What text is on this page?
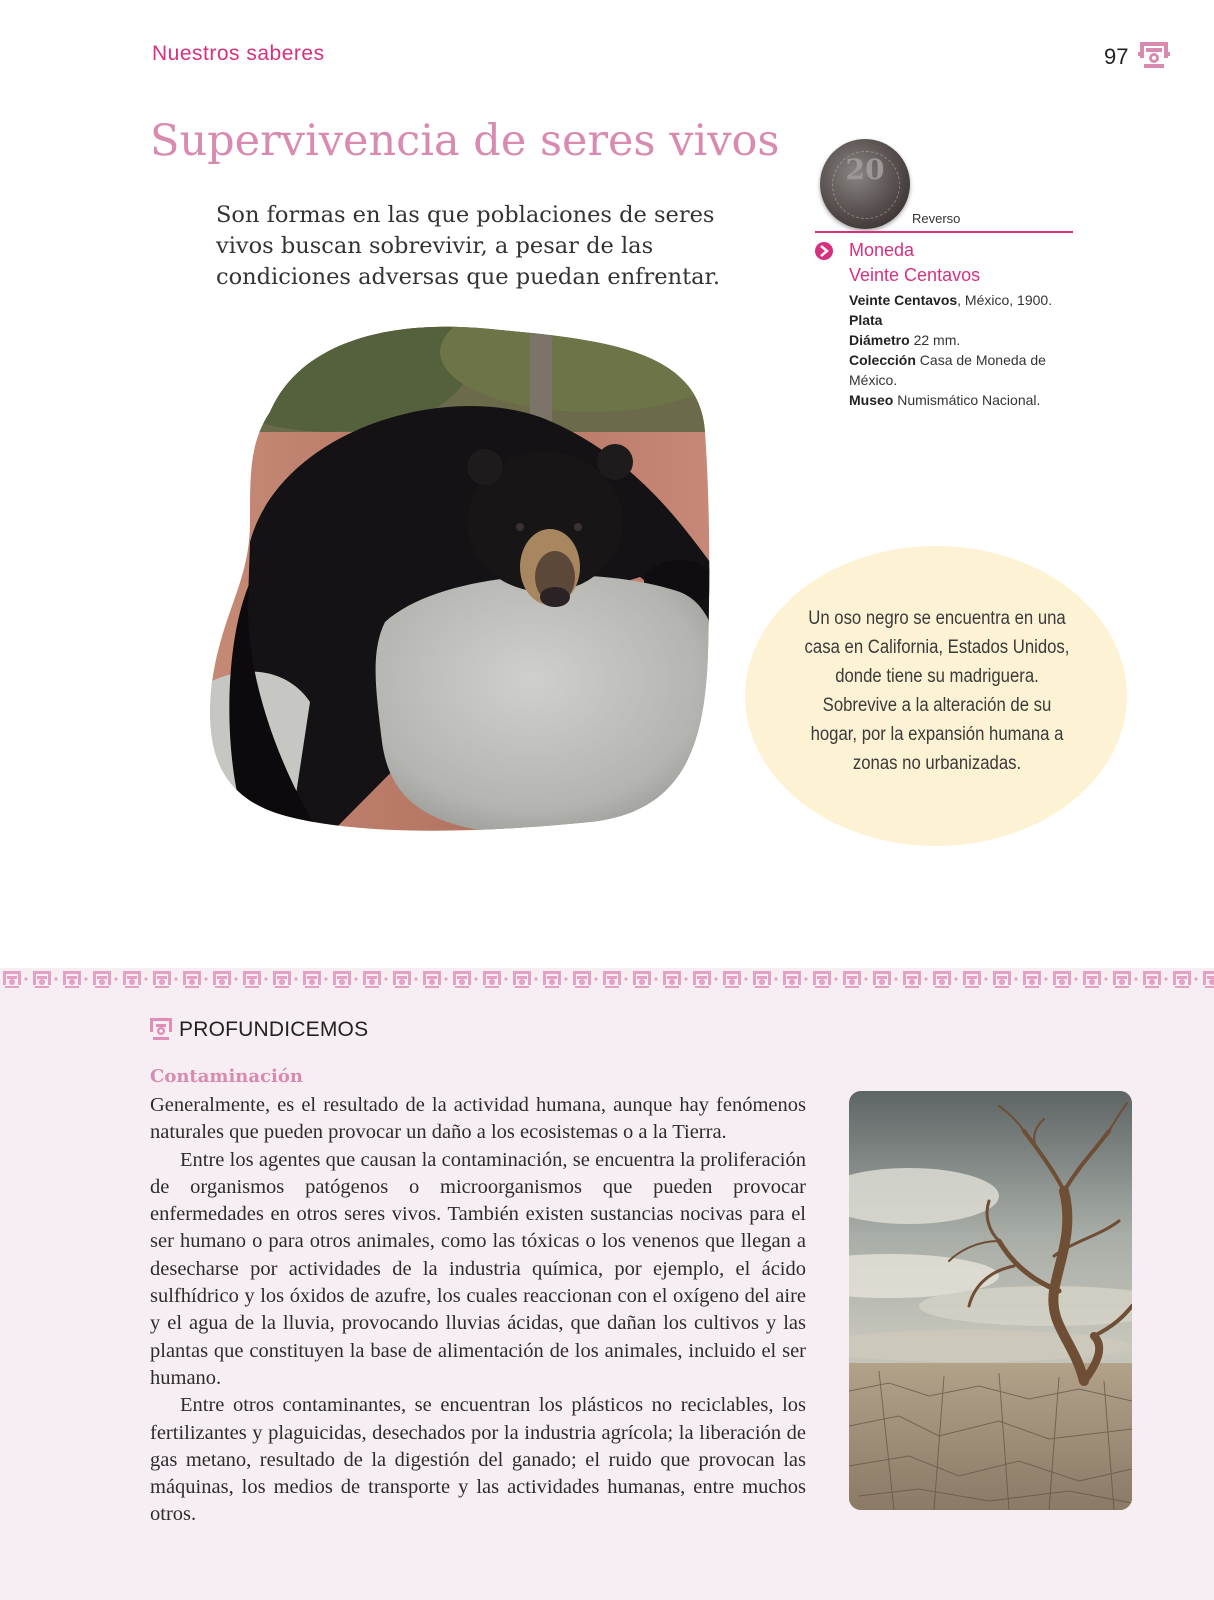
Nuestros saberes	97
Supervivencia de seres vivos
Son formas en las que poblaciones de seres vivos buscan sobrevivir, a pesar de las condiciones adversas que puedan enfrentar.
20
Reverso
Moneda
Veinte Centavos
Veinte Centavos, México, 1900.
Plata
Diámetro 22 mm.
Colección Casa de Moneda de México.
Museo Numismático Nacional.
Un oso negro se encuentra en una casa en California, Estados Unidos, donde tiene su madriguera. Sobrevive a la alteración de su hogar, por la expansión humana a zonas no urbanizadas.
PROFUNDICEMOS
Contaminación

Generalmente, es el resultado de la actividad humana, aunque hay fenómenos naturales que pueden provocar un daño a los ecosistemas o a la Tierra.

Entre los agentes que causan la contaminación, se encuentra la proliferación de organismos patógenos o microorganismos que pueden provocar enfermedades en otros seres vivos. También existen sustancias nocivas para el ser humano o para otros animales, como las tóxicas o los venenos que llegan a desecharse por actividades de la industria química, por ejemplo, el ácido sulfhídrico y los óxidos de azufre, los cuales reaccionan con el oxígeno del aire y el agua de la lluvia, provocando lluvias ácidas, que dañan los cultivos y las plantas que constituyen la base de alimentación de los animales, incluido el ser humano.

Entre otros contaminantes, se encuentran los plásticos no reciclables, los fertilizantes y plaguicidas, desechados por la industria agrícola; la liberación de gas metano, resultado de la digestión del ganado; el ruido que provocan las máquinas, los medios de transporte y las actividades humanas, entre muchos otros.
